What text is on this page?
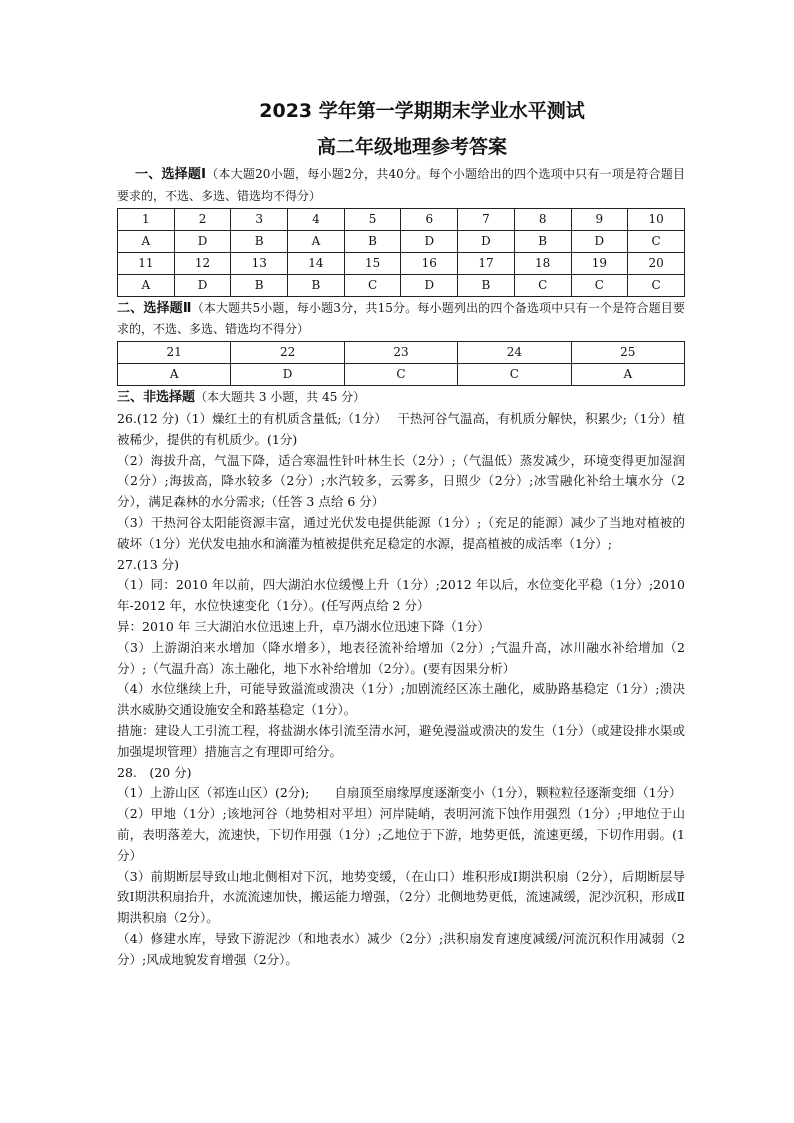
2023 学年第一学期期末学业水平测试
高二年级地理参考答案

一、选择题Ⅰ（本大题20小题，每小题2分，共40分。每个小题给出的四个选项中只有一项是符合题目要求的，不选、多选、错选均不得分）

1	2	3	4	5	6	7	8	9	10
A	D	B	A	B	D	D	B	D	C
11	12	13	14	15	16	17	18	19	20
A	D	B	B	C	D	B	C	C	C

二、选择题Ⅱ（本大题共5小题，每小题3分，共15分。每小题列出的四个备选项中只有一个是符合题目要求的，不选、多选、错选均不得分）

21	22	23	24	25
A	D	C	C	A

三、非选择题（本大题共 3 小题，共 45 分）

26.(12 分)（1）燥红土的有机质含量低;（1分）　 干热河谷气温高，有机质分解快，积累少;（1分）植被稀少，提供的有机质少。(1分)

（2）海拔升高，气温下降，适合寒温性针叶林生长（2分）;（气温低）蒸发减少，环境变得更加湿润（2分）;海拔高，降水较多（2分）;水汽较多，云雾多，日照少（2分）;冰雪融化补给土壤水分（2分），满足森林的水分需求;（任答 3 点给 6 分）

（3）干热河谷太阳能资源丰富，通过光伏发电提供能源（1分）;（充足的能源）减少了当地对植被的破坏（1分）光伏发电抽水和滴灌为植被提供充足稳定的水源，提高植被的成活率（1分）;

27.(13 分)

（1）同：2010 年以前，四大湖泊水位缓慢上升（1分）;2012 年以后，水位变化平稳（1分）;2010 年-2012 年，水位快速变化（1分）。(任写两点给 2 分）

异：2010 年 三大湖泊水位迅速上升，卓乃湖水位迅速下降（1分）

（3）上游湖泊来水增加（降水增多），地表径流补给增加（2分）;气温升高，冰川融水补给增加（2分）;（气温升高）冻土融化，地下水补给增加（2分）。(要有因果分析）

（4）水位继续上升，可能导致溢流或溃决（1分）;加剧流经区冻土融化，威胁路基稳定（1分）;溃决洪水威胁交通设施安全和路基稳定（1分）。

措施：建设人工引流工程，将盐湖水体引流至清水河，避免漫溢或溃决的发生（1分）（或建设排水渠或加强堤坝管理）措施言之有理即可给分。

28.　(20 分)

（1）上游山区（祁连山区）(2分);　　自扇顶至扇缘厚度逐渐变小（1分），颗粒粒径逐渐变细（1分）

（2）甲地（1分）;该地河谷（地势相对平坦）河岸陡峭，表明河流下蚀作用强烈（1分）;甲地位于山前，表明落差大，流速快，下切作用强（1分）;乙地位于下游，地势更低，流速更缓，下切作用弱。(1分）

（3）前期断层导致山地北侧相对下沉，地势变缓，（在山口）堆积形成Ⅰ期洪积扇（2分），后期断层导致Ⅰ期洪积扇抬升，水流流速加快，搬运能力增强，（2分）北侧地势更低，流速减缓，泥沙沉积，形成Ⅱ期洪积扇（2分）。

（4）修建水库，导致下游泥沙（和地表水）减少（2分）;洪积扇发育速度减缓/河流沉积作用减弱（2分）;风成地貌发育增强（2分）。
